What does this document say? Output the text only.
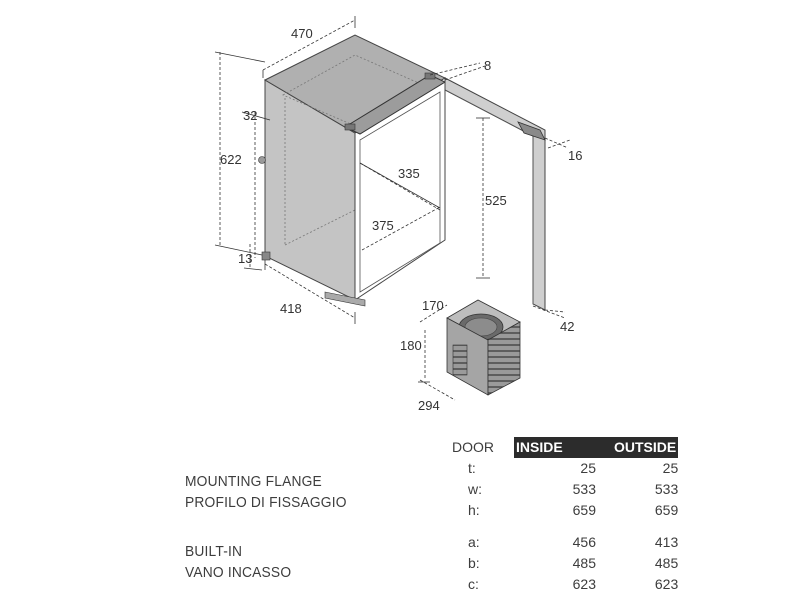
470
8
32
622
13
335
375
525
16
42
418	170
180
294
MOUNTING FLANGE
PROFILO DI FISSAGGIO
BUILT-IN
VANO INCASSO
DOOR	INSIDE	OUTSIDE
t:	25	25
w:	533	533
h:	659	659

a:	456	413
b:	485	485
c:	623	623
